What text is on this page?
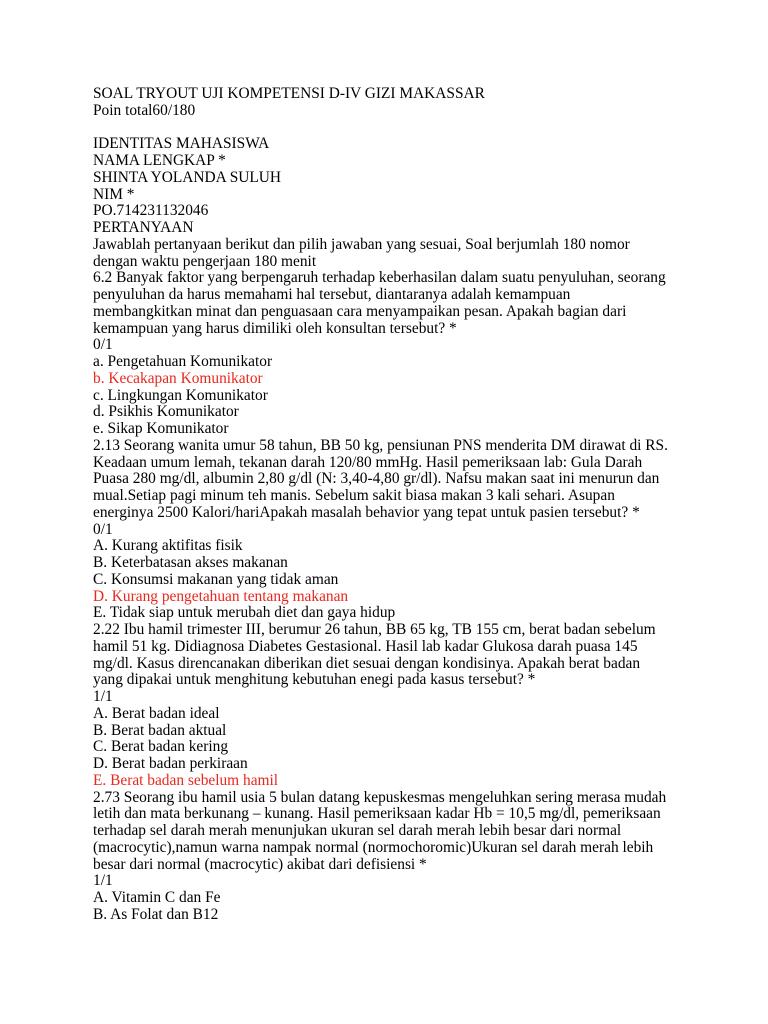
SOAL TRYOUT UJI KOMPETENSI D-IV GIZI MAKASSAR

Poin total60/180

IDENTITAS MAHASISWA

NAMA LENGKAP *

SHINTA YOLANDA SULUH

NIM *

PO.714231132046

PERTANYAAN

Jawablah pertanyaan berikut dan pilih jawaban yang sesuai, Soal berjumlah 180 nomor

dengan waktu pengerjaan 180 menit

6.2 Banyak faktor yang berpengaruh terhadap keberhasilan dalam suatu penyuluhan, seorang

penyuluhan da harus memahami hal tersebut, diantaranya adalah kemampuan

membangkitkan minat dan penguasaan cara menyampaikan pesan. Apakah bagian dari

kemampuan yang harus dimiliki oleh konsultan tersebut? *

0/1

a. Pengetahuan Komunikator

b. Kecakapan Komunikator

c. Lingkungan Komunikator

d. Psikhis Komunikator

e. Sikap Komunikator

2.13 Seorang wanita umur 58 tahun, BB 50 kg, pensiunan PNS menderita DM dirawat di RS.

Keadaan umum lemah, tekanan darah 120/80 mmHg. Hasil pemeriksaan lab: Gula Darah

Puasa 280 mg/dl, albumin 2,80 g/dl (N: 3,40-4,80 gr/dl). Nafsu makan saat ini menurun dan

mual.Setiap pagi minum teh manis. Sebelum sakit biasa makan 3 kali sehari. Asupan

energinya 2500 Kalori/hariApakah masalah behavior yang tepat untuk pasien tersebut? *

0/1

A. Kurang aktifitas fisik

B. Keterbatasan akses makanan

C. Konsumsi makanan yang tidak aman

D. Kurang pengetahuan tentang makanan

E. Tidak siap untuk merubah diet dan gaya hidup

2.22 Ibu hamil trimester III, berumur 26 tahun, BB 65 kg, TB 155 cm, berat badan sebelum

hamil 51 kg. Didiagnosa Diabetes Gestasional. Hasil lab kadar Glukosa darah puasa 145

mg/dl. Kasus direncanakan diberikan diet sesuai dengan kondisinya. Apakah berat badan

yang dipakai untuk menghitung kebutuhan enegi pada kasus tersebut? *

1/1

A. Berat badan ideal

B. Berat badan aktual

C. Berat badan kering

D. Berat badan perkiraan

E. Berat badan sebelum hamil

2.73 Seorang ibu hamil usia 5 bulan datang kepuskesmas mengeluhkan sering merasa mudah

letih dan mata berkunang – kunang. Hasil pemeriksaan kadar Hb = 10,5 mg/dl, pemeriksaan

terhadap sel darah merah menunjukan ukuran sel darah merah lebih besar dari normal

(macrocytic),namun warna nampak normal (normochoromic)Ukuran sel darah merah lebih

besar dari normal (macrocytic) akibat dari defisiensi *

1/1

A. Vitamin C dan Fe

B. As Folat dan B12
